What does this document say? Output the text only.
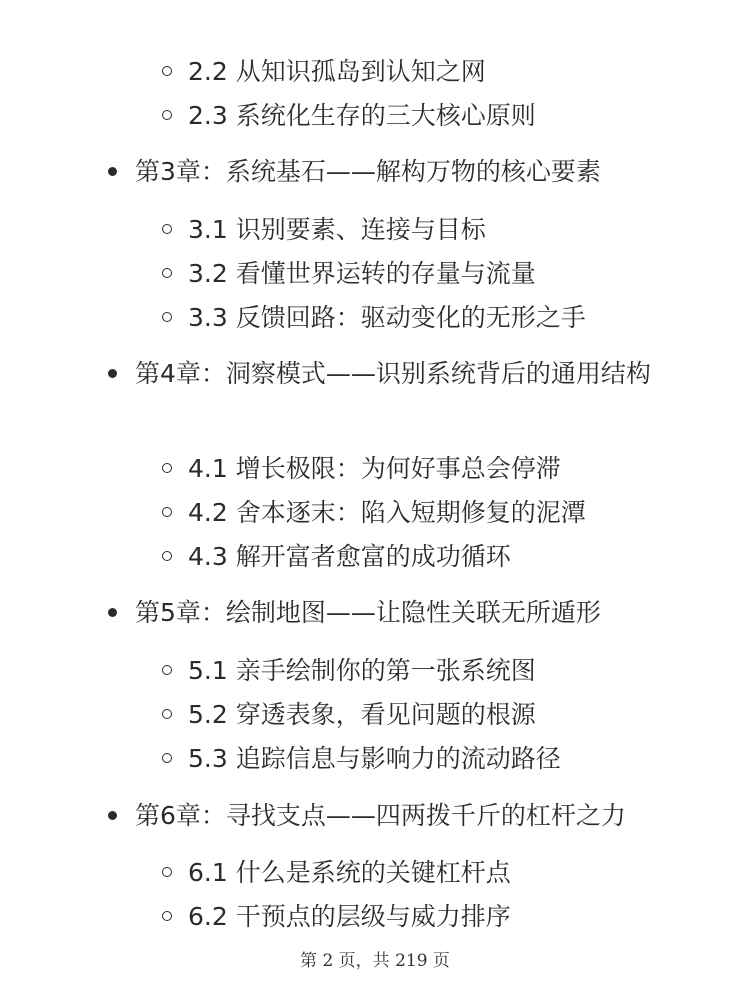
2.2 从知识孤岛到认知之网
2.3 系统化生存的三大核心原则
第3章：系统基石——解构万物的核心要素
3.1 识别要素、连接与目标
3.2 看懂世界运转的存量与流量
3.3 反馈回路：驱动变化的无形之手
第4章：洞察模式——识别系统背后的通用结构
4.1 增长极限：为何好事总会停滞
4.2 舍本逐末：陷入短期修复的泥潭
4.3 解开富者愈富的成功循环
第5章：绘制地图——让隐性关联无所遁形
5.1 亲手绘制你的第一张系统图
5.2 穿透表象，看见问题的根源
5.3 追踪信息与影响力的流动路径
第6章：寻找支点——四两拨千斤的杠杆之力
6.1 什么是系统的关键杠杆点
6.2 干预点的层级与威力排序
第 2 页，共 219 页
